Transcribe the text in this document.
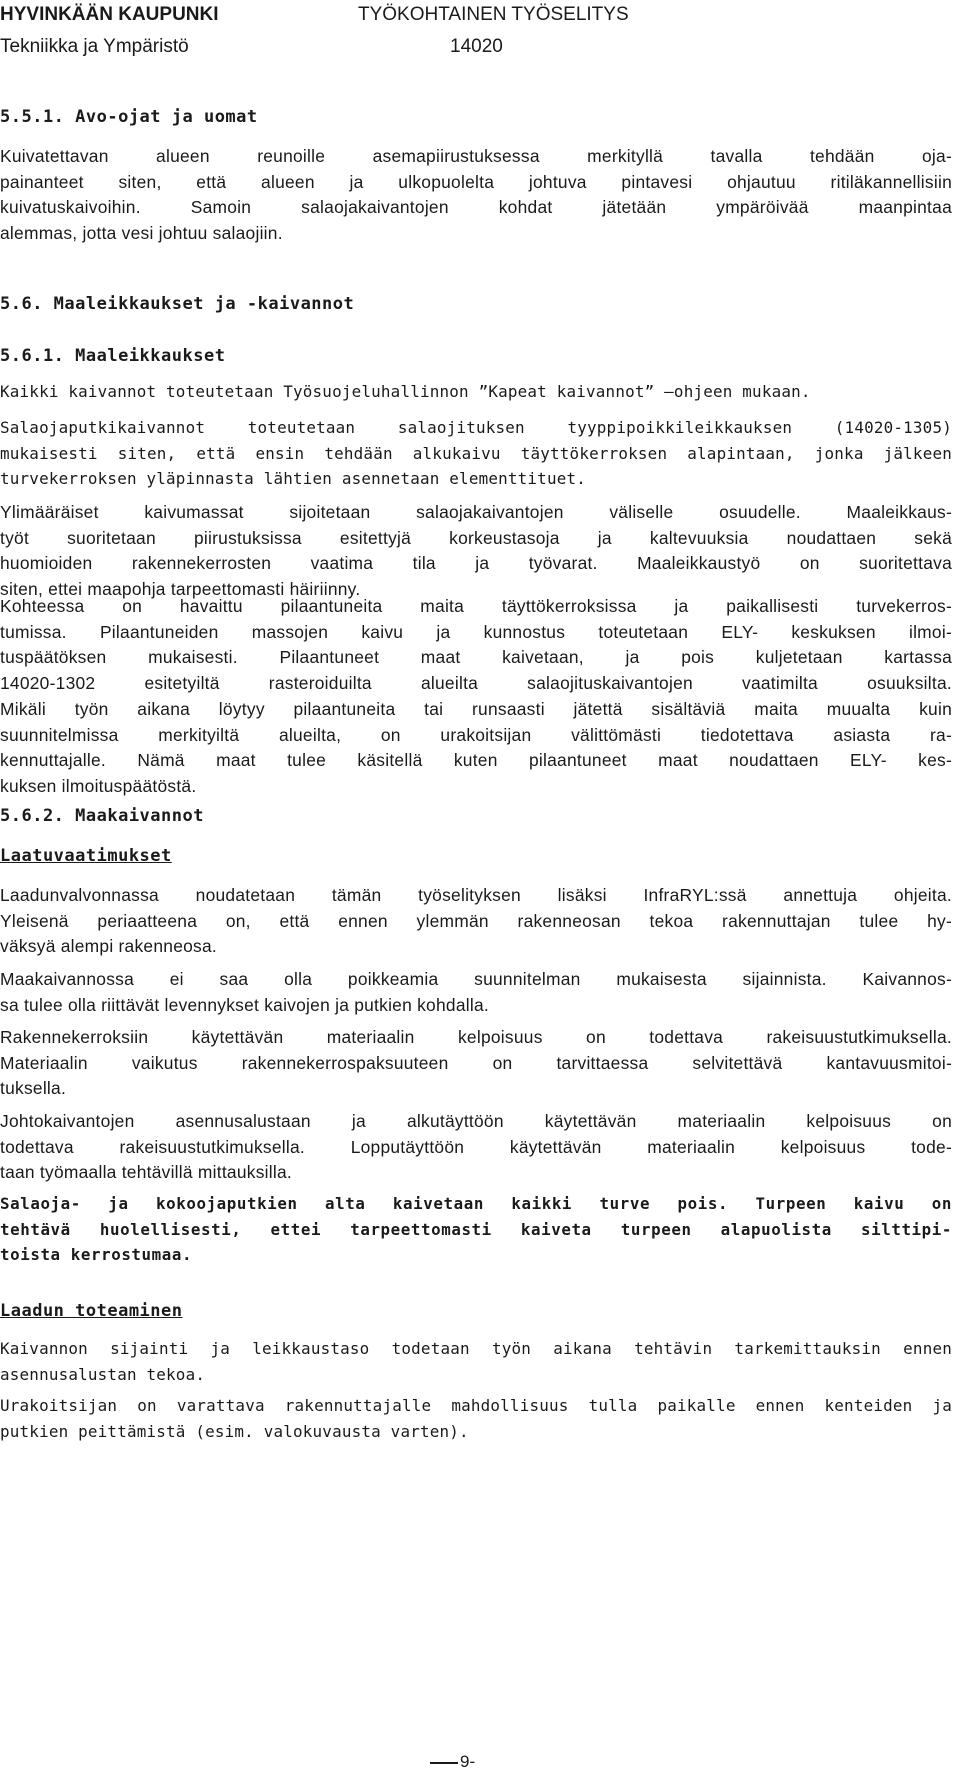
HYVINKÄÄN KAUPUNKI
Tekniikka ja Ympäristö
TYÖKOHTAINEN TYÖSELITYS
14020
5.5.1. Avo-ojat ja uomat
Kuivatettavan alueen reunoille asemapiirustuksessa merkityllä tavalla tehdään oja-
painanteet siten, että alueen ja ulkopuolelta johtuva pintavesi ohjautuu ritiläkannellisiin
kuivatuskaivoihin. Samoin salaojakaivantojen kohdat jätetään ympäröivää maanpintaa
alemmas, jotta vesi johtuu salaojiin.
5.6. Maaleikkaukset ja -kaivannot
5.6.1. Maaleikkaukset
Kaikki kaivannot toteutetaan Työsuojeluhallinnon ”Kapeat kaivannot” –ohjeen mukaan.
Salaojaputkikaivannot toteutetaan salaojituksen tyyppipoikkileikkauksen (14020-1305)
mukaisesti siten, että ensin tehdään alkukaivu täyttökerroksen alapintaan, jonka jälkeen
turvekerroksen yläpinnasta lähtien asennetaan elementtituet.
Ylimääräiset kaivumassat sijoitetaan salaojakaivantojen väliselle osuudelle. Maaleikkaus-
työt suoritetaan piirustuksissa esitettyjä korkeustasoja ja kaltevuuksia noudattaen sekä
huomioiden rakennekerrosten vaatima tila ja työvarat. Maaleikkaustyö on suoritettava
siten, ettei maapohja tarpeettomasti häiriinny.
Kohteessa on havaittu pilaantuneita maita täyttökerroksissa ja paikallisesti turvekerros-
tumissa. Pilaantuneiden massojen kaivu ja kunnostus toteutetaan ELY- keskuksen ilmoi-
tuspäätöksen mukaisesti. Pilaantuneet maat kaivetaan, ja pois kuljetetaan kartassa
14020-1302 esitetyiltä rasteroiduilta alueilta salaojituskaivantojen vaatimilta osuuksilta.
Mikäli työn aikana löytyy pilaantuneita tai runsaasti jätettä sisältäviä maita muualta kuin
suunnitelmissa merkityiltä alueilta, on urakoitsijan välittömästi tiedotettava asiasta ra-
kennuttajalle. Nämä maat tulee käsitellä kuten pilaantuneet maat noudattaen ELY- kes-
kuksen ilmoituspäätöstä.
5.6.2. Maakaivannot
Laatuvaatimukset
Laadunvalvonnassa noudatetaan tämän työselityksen lisäksi InfraRYL:ssä annettuja ohjeita.
Yleisenä periaatteena on, että ennen ylemmän rakenneosan tekoa rakennuttajan tulee hy-
väksyä alempi rakenneosa.
Maakaivannossa ei saa olla poikkeamia suunnitelman mukaisesta sijainnista. Kaivannos-
sa tulee olla riittävät levennykset kaivojen ja putkien kohdalla.
Rakennekerroksiin käytettävän materiaalin kelpoisuus on todettava rakeisuustutkimuksella.
Materiaalin vaikutus rakennekerrospaksuuteen on tarvittaessa selvitettävä kantavuusmitoi-
tuksella.
Johtokaivantojen asennusalustaan ja alkutäyttöön käytettävän materiaalin kelpoisuus on
todettava rakeisuustutkimuksella. Lopputäyttöön käytettävän materiaalin kelpoisuus tode-
taan työmaalla tehtävillä mittauksilla.
Salaoja- ja kokoojaputkien alta kaivetaan kaikki turve pois. Turpeen kaivu on
tehtävä huolellisesti, ettei tarpeettomasti kaiveta turpeen alapuolista silttipi-
toista kerrostumaa.
Laadun toteaminen
Kaivannon sijainti ja leikkaustaso todetaan työn aikana tehtävin tarkemittauksin ennen
asennusalustan tekoa.
Urakoitsijan on varattava rakennuttajalle mahdollisuus tulla paikalle ennen kenteiden ja
putkien peittämistä (esim. valokuvausta varten).
9-
